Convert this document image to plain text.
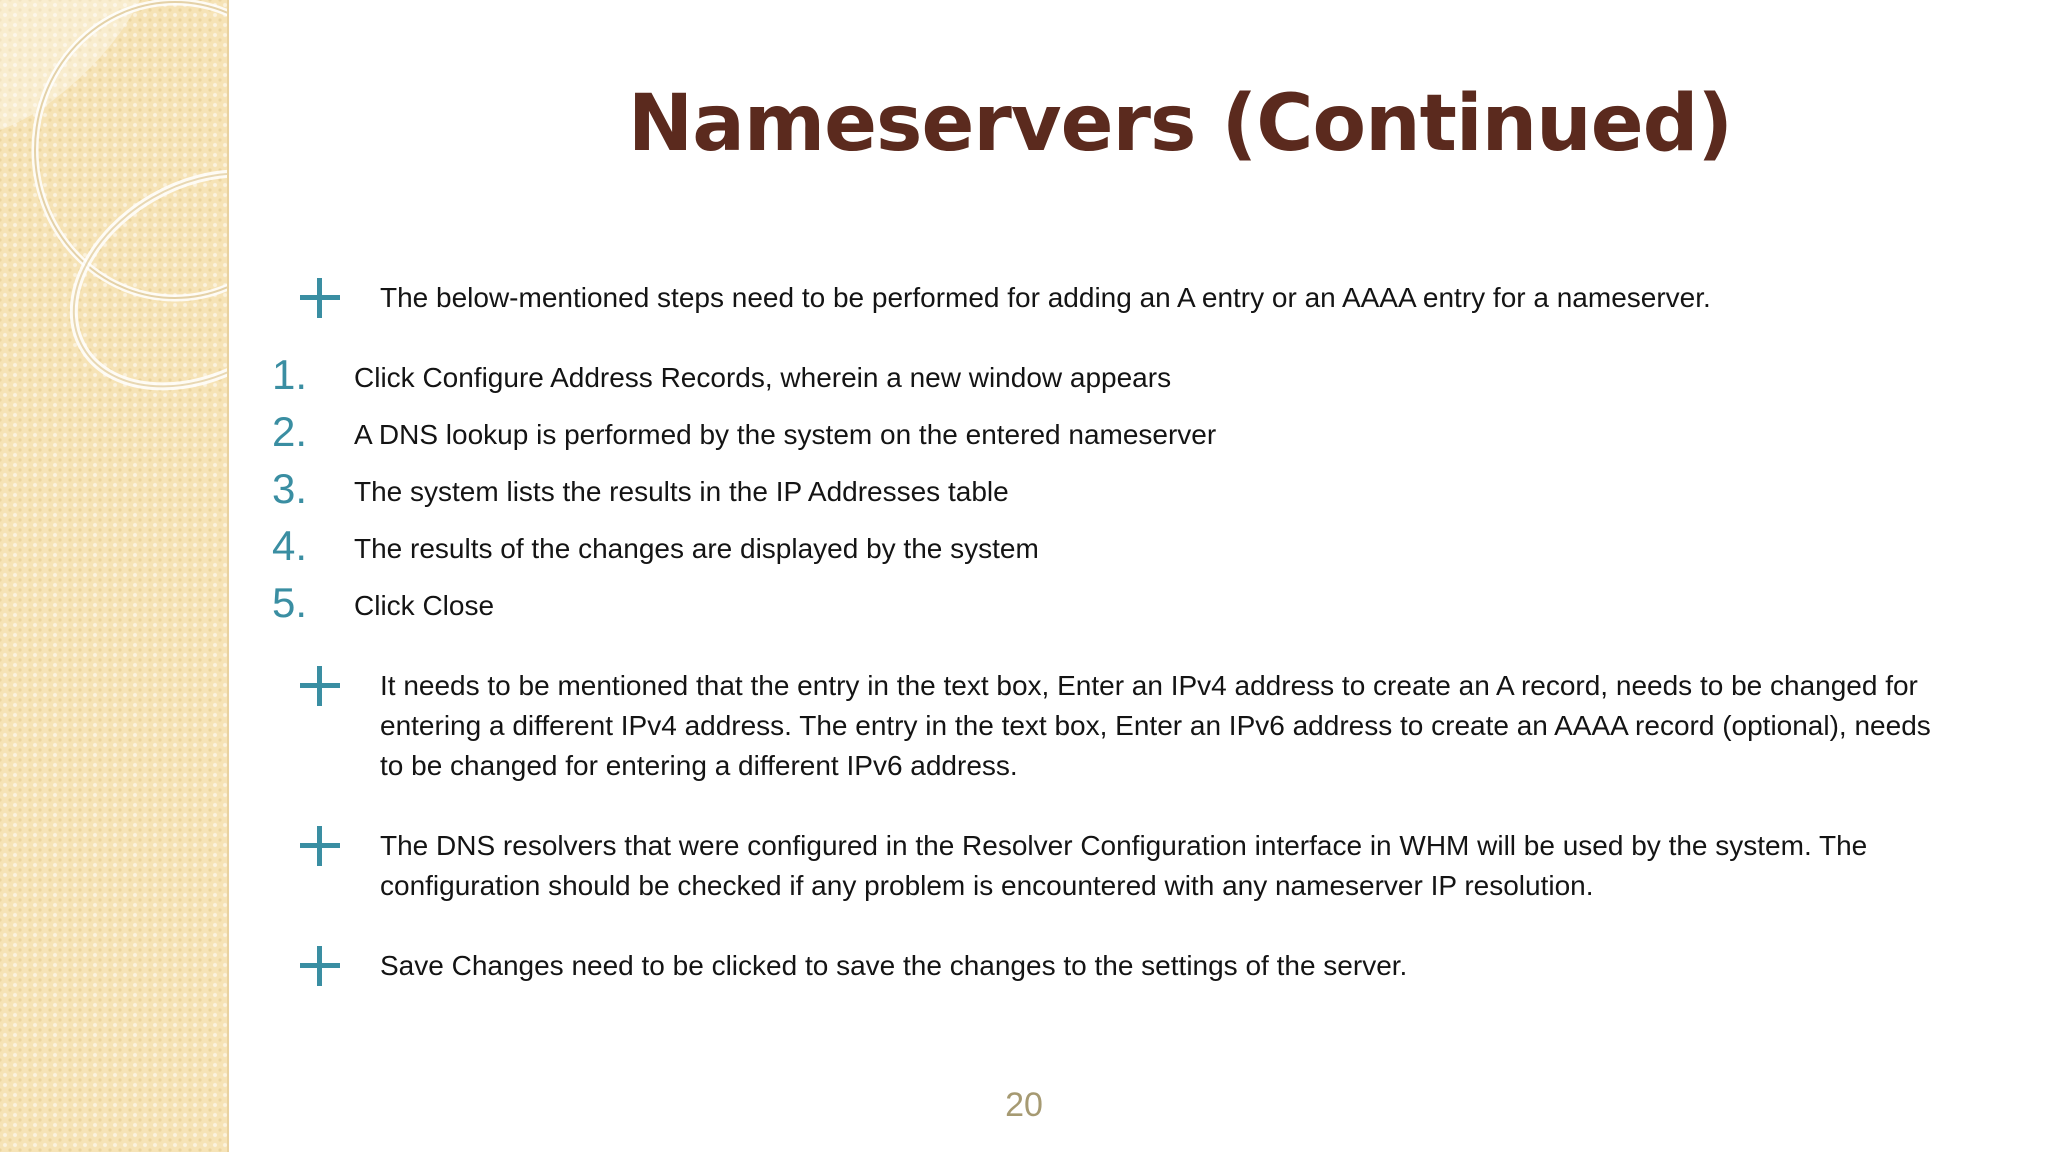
Nameservers (Continued)
The below-mentioned steps need to be performed for adding an A entry or an AAAA entry for a nameserver.
1. Click Configure Address Records, wherein a new window appears
2. A DNS lookup is performed by the system on the entered nameserver
3. The system lists the results in the IP Addresses table
4. The results of the changes are displayed by the system
5. Click Close
It needs to be mentioned that the entry in the text box, Enter an IPv4 address to create an A record, needs to be changed for entering a different IPv4 address. The entry in the text box, Enter an IPv6 address to create an AAAA record (optional), needs to be changed for entering a different IPv6 address.
The DNS resolvers that were configured in the Resolver Configuration interface in WHM will be used by the system. The configuration should be checked if any problem is encountered with any nameserver IP resolution.
Save Changes need to be clicked to save the changes to the settings of the server.
20
